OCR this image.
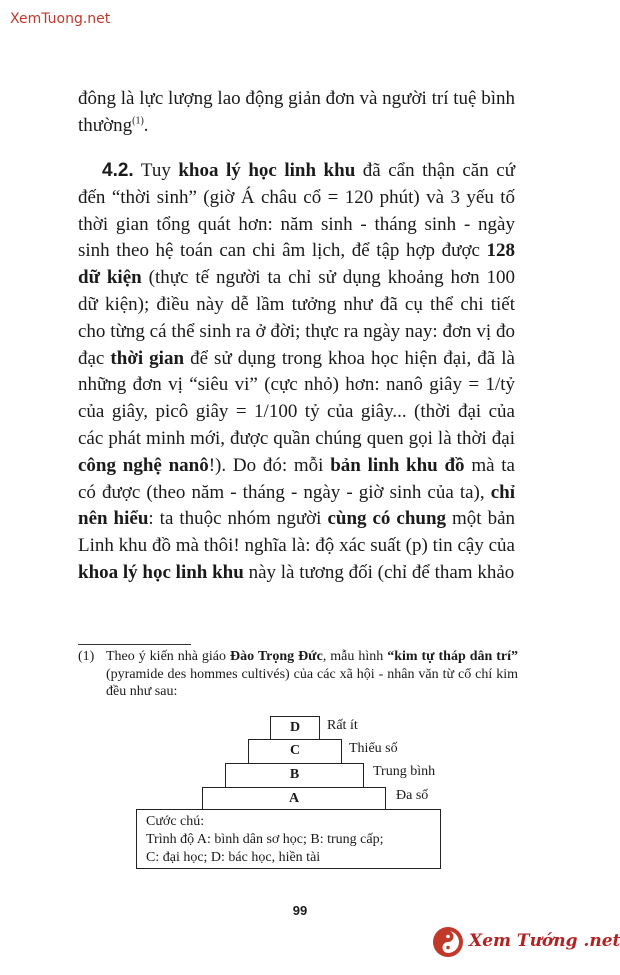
XemTuong.net
đông là lực lượng lao động giản đơn và người trí tuệ bình thường$^{(1)}$.
4.2. Tuy khoa lý học linh khu đã cẩn thận căn cứ đến “thời sinh” (giờ Á châu cổ = 120 phút) và 3 yếu tố thời gian tổng quát hơn: năm sinh - tháng sinh - ngày sinh theo hệ toán can chi âm lịch, để tập hợp được 128 dữ kiện (thực tế người ta chỉ sử dụng khoảng hơn 100 dữ kiện); điều này dễ lầm tưởng như đã cụ thể chi tiết cho từng cá thể sinh ra ở đời; thực ra ngày nay: đơn vị đo đạc thời gian để sử dụng trong khoa học hiện đại, đã là những đơn vị “siêu vi” (cực nhỏ) hơn: nanô giây = 1/tỷ của giây, picô giây = 1/100 tỷ của giây... (thời đại của các phát minh mới, được quần chúng quen gọi là thời đại công nghệ nanô!). Do đó: mỗi bản linh khu đồ mà ta có được (theo năm - tháng - ngày - giờ sinh của ta), chỉ nên hiểu: ta thuộc nhóm người cùng có chung một bản Linh khu đồ mà thôi! nghĩa là: độ xác suất (p) tin cậy của khoa lý học linh khu này là tương đối (chỉ để tham khảo
(1) Theo ý kiến nhà giáo Đào Trọng Đức, mẫu hình “kim tự tháp dân trí” (pyramide des hommes cultivés) của các xã hội - nhân văn từ cổ chí kim đều như sau:
D
C
B
A
Rất ít
Thiểu số
Trung bình
Đa số
Cước chú:
Trình độ A: bình dân sơ học; B: trung cấp;
C: đại học; D: bác học, hiền tài
99
Xem Tướng .net
